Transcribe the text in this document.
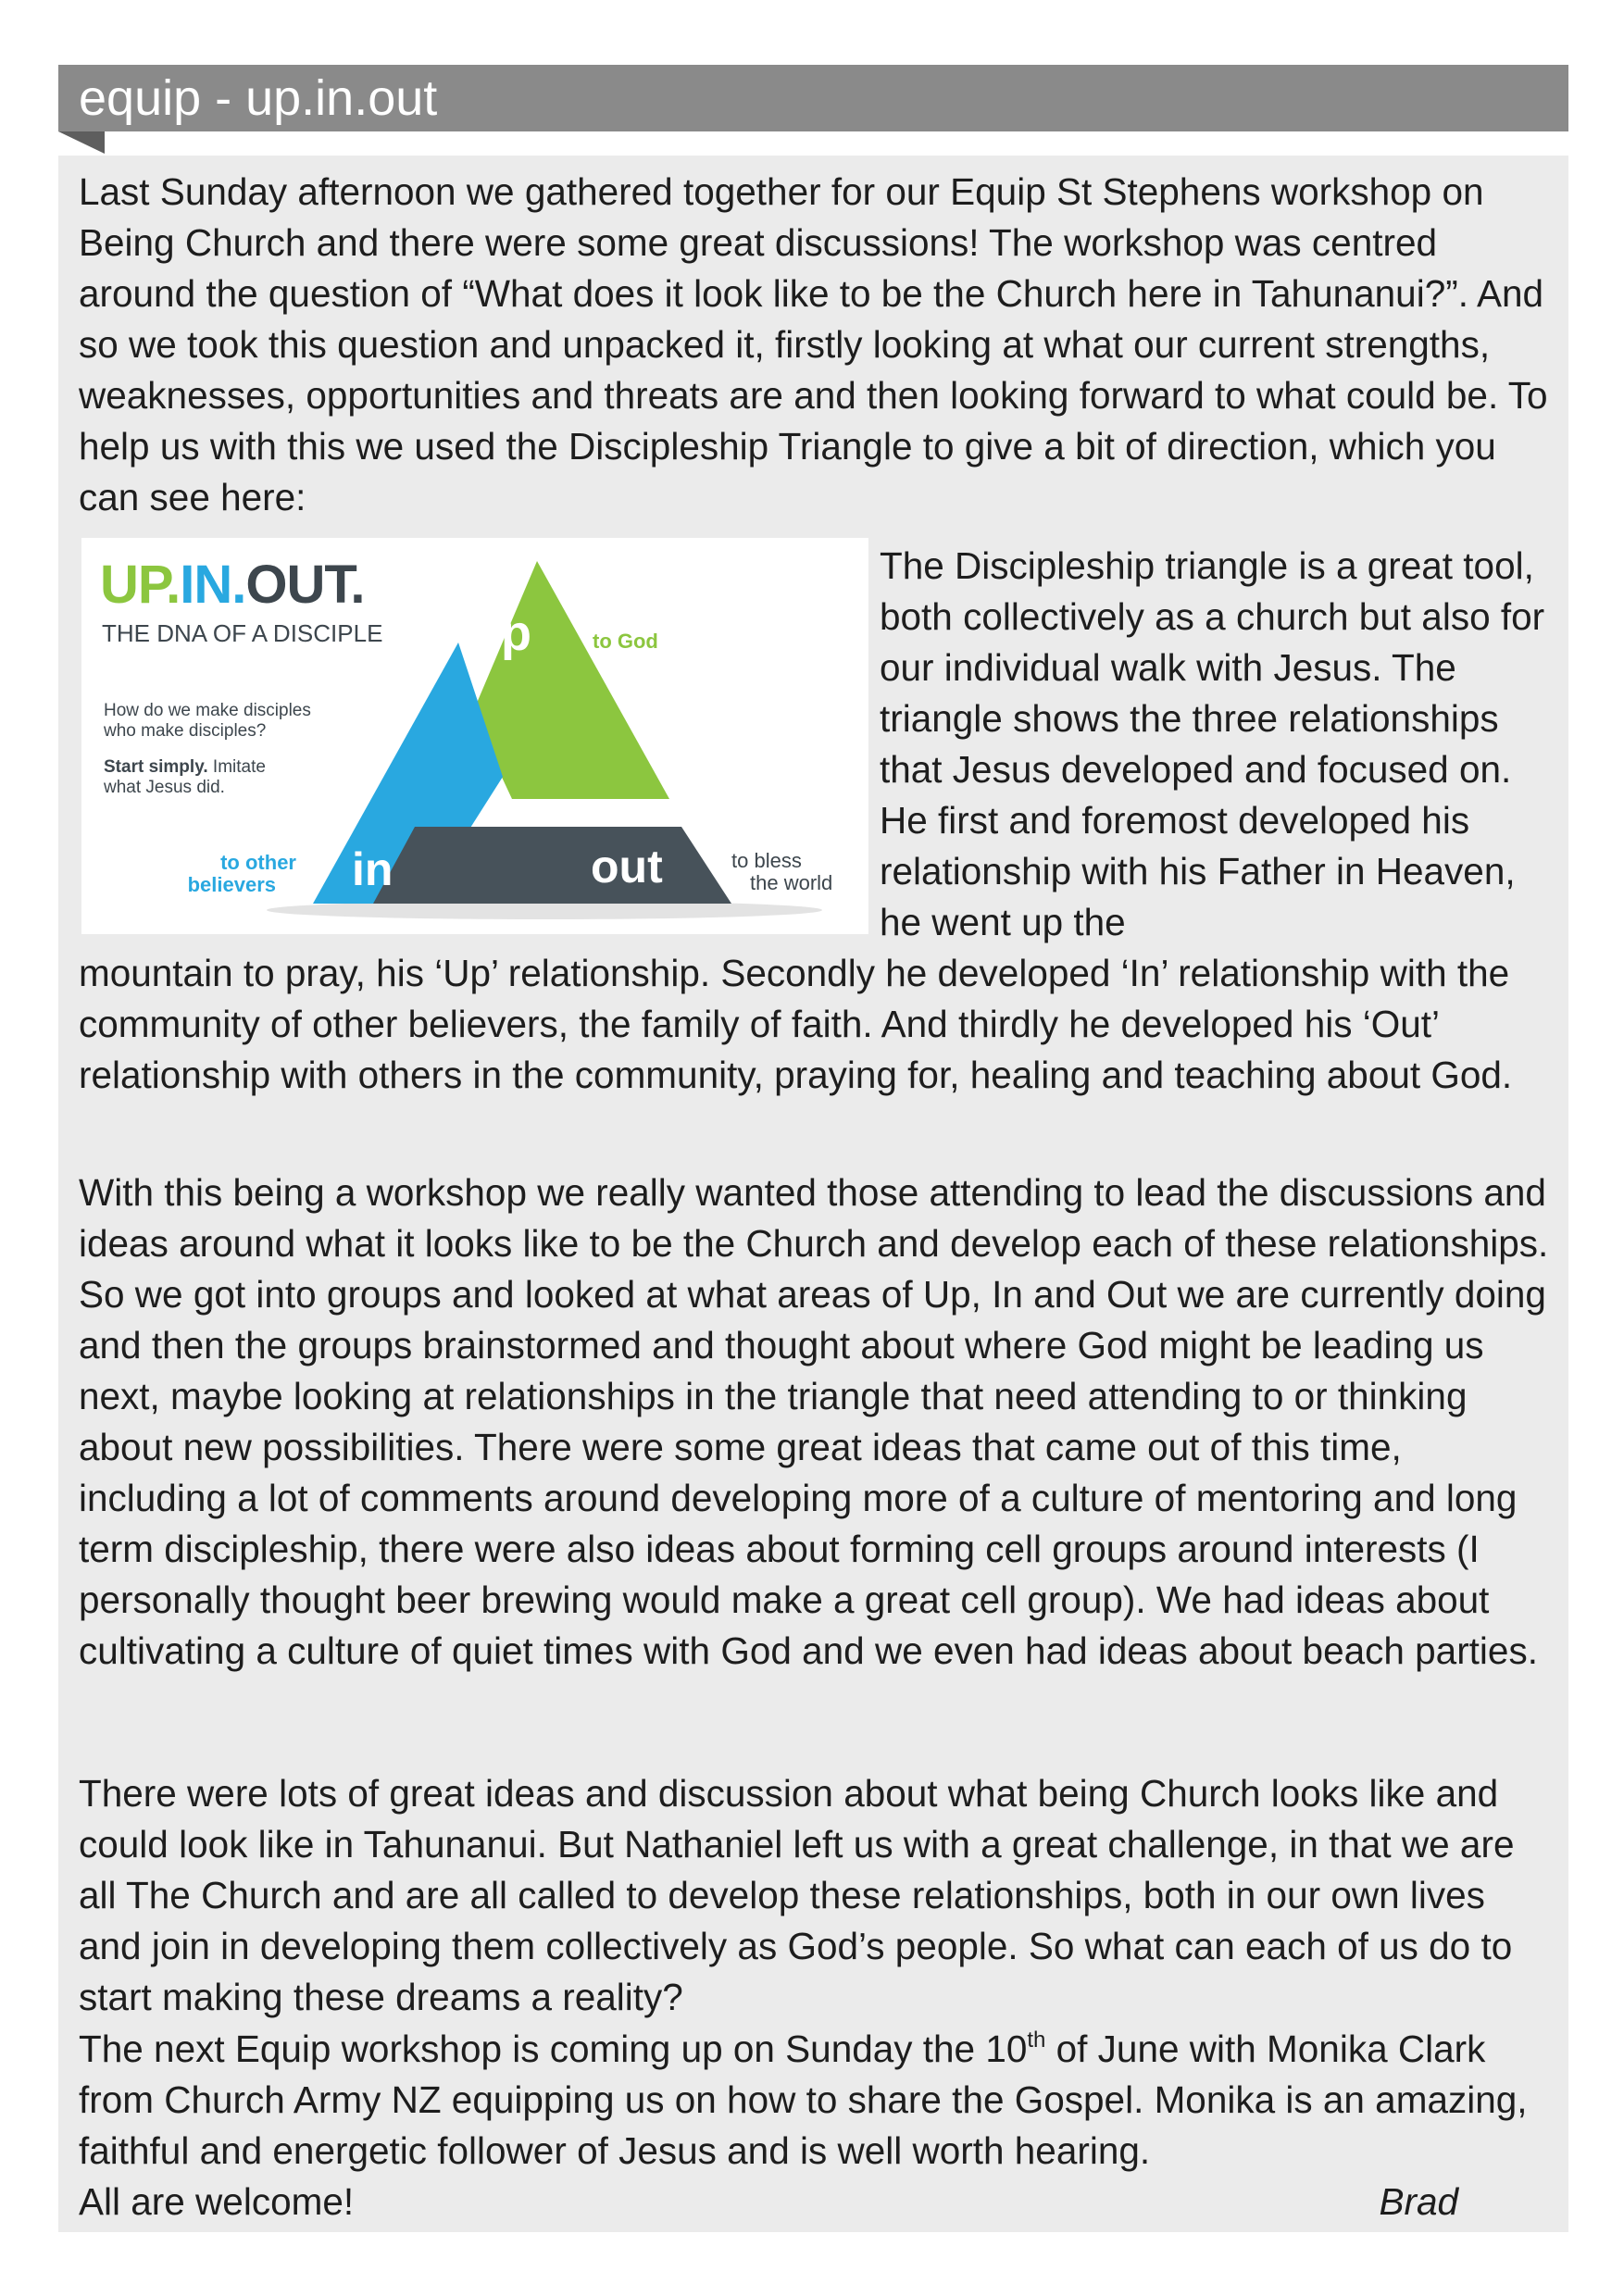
equip - up.in.out

Last Sunday afternoon we gathered together for our Equip St Stephens workshop on Being Church and there were some great discussions! The workshop was centred around the question of “What does it look like to be the Church here in Tahunanui?”. And so we took this question and unpacked it, firstly looking at what our current strengths, weaknesses, opportunities and threats are and then looking forward to what could be. To help us with this we used the Discipleship Triangle to give a bit of direction, which you can see here:

UP.IN.OUT.
THE DNA OF A DISCIPLE
How do we make disciples
who make disciples?
Start simply. Imitate
what Jesus did.
up
in	out
to God
to other
believers
to bless
the world

The Discipleship triangle is a great tool, both collectively as a church but also for our individual walk with Jesus. The triangle shows the three relationships that Jesus developed and focused on. He first and foremost developed his relationship with his Father in Heaven, he went up the

mountain to pray, his ‘Up’ relationship. Secondly he developed ‘In’ relationship with the community of other believers, the family of faith. And thirdly he developed his ‘Out’ relationship with others in the community, praying for, healing and teaching about God.

With this being a workshop we really wanted those attending to lead the discussions and ideas around what it looks like to be the Church and develop each of these relationships. So we got into groups and looked at what areas of Up, In and Out we are currently doing and then the groups brainstormed and thought about where God might be leading us next, maybe looking at relationships in the triangle that need attending to or thinking about new possibilities. There were some great ideas that came out of this time, including a lot of comments around developing more of a culture of mentoring and long term discipleship, there were also ideas about forming cell groups around interests (I personally thought beer brewing would make a great cell group). We had ideas about cultivating a culture of quiet times with God and we even had ideas about beach parties.

There were lots of great ideas and discussion about what being Church looks like and could look like in Tahunanui. But Nathaniel left us with a great challenge, in that we are all The Church and are all called to develop these relationships, both in our own lives and join in developing them collectively as God’s people. So what can each of us do to start making these dreams a reality?

The next Equip workshop is coming up on Sunday the 10th of June with Monika Clark from Church Army NZ equipping us on how to share the Gospel. Monika is an amazing, faithful and energetic follower of Jesus and is well worth hearing.

All are welcome!	Brad
